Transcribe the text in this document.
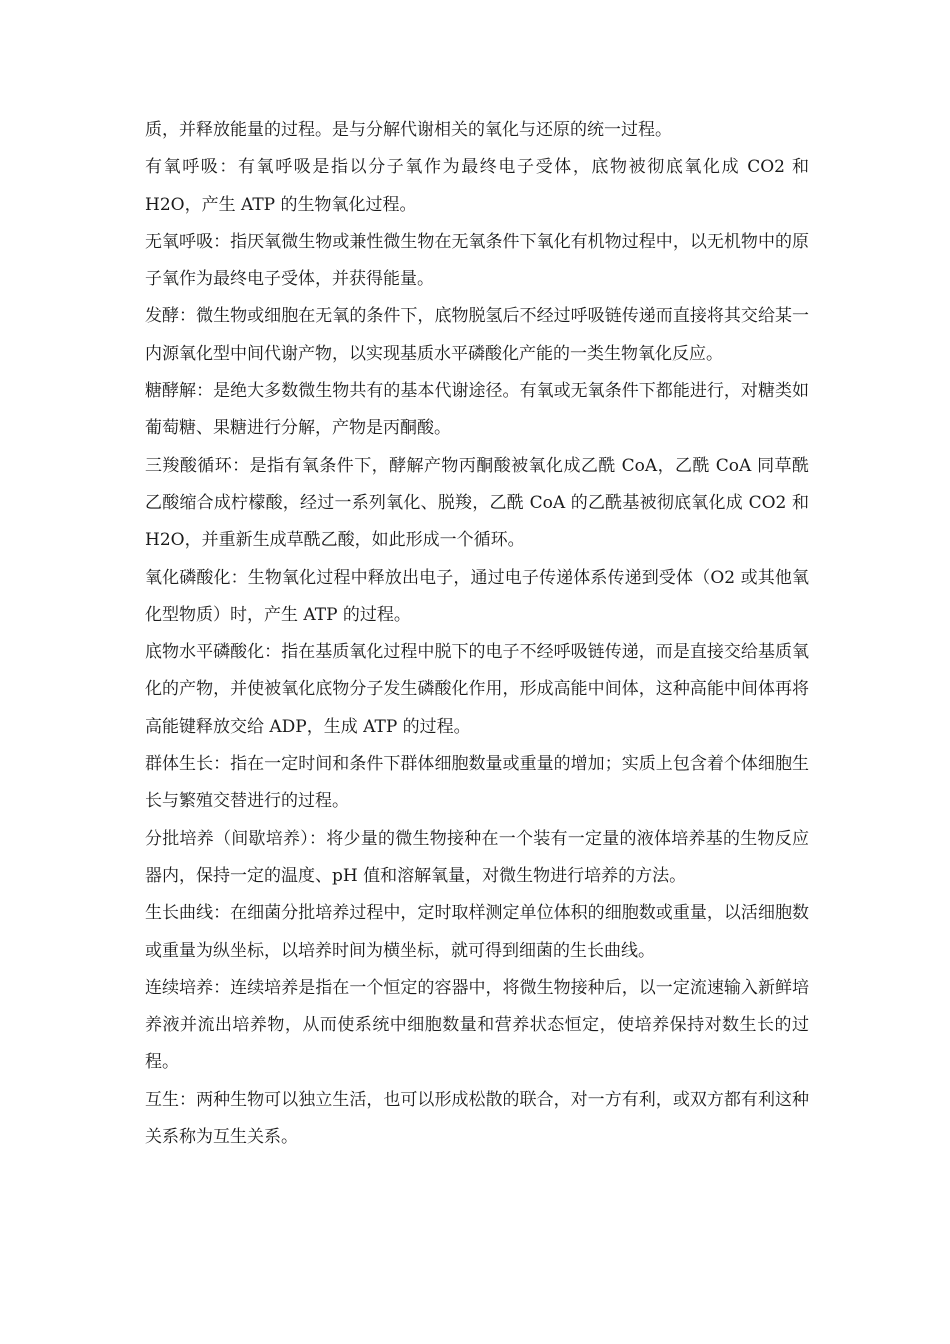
质，并释放能量的过程。是与分解代谢相关的氧化与还原的统一过程。

有氧呼吸：有氧呼吸是指以分子氧作为最终电子受体，底物被彻底氧化成 CO2 和 H2O，产生 ATP 的生物氧化过程。

无氧呼吸：指厌氧微生物或兼性微生物在无氧条件下氧化有机物过程中，以无机物中的原子氧作为最终电子受体，并获得能量。

发酵：微生物或细胞在无氧的条件下，底物脱氢后不经过呼吸链传递而直接将其交给某一内源氧化型中间代谢产物，以实现基质水平磷酸化产能的一类生物氧化反应。

糖酵解：是绝大多数微生物共有的基本代谢途径。有氧或无氧条件下都能进行，对糖类如葡萄糖、果糖进行分解，产物是丙酮酸。

三羧酸循环：是指有氧条件下，酵解产物丙酮酸被氧化成乙酰 CoA，乙酰 CoA 同草酰乙酸缩合成柠檬酸，经过一系列氧化、脱羧，乙酰 CoA 的乙酰基被彻底氧化成 CO2 和 H2O，并重新生成草酰乙酸，如此形成一个循环。

氧化磷酸化：生物氧化过程中释放出电子，通过电子传递体系传递到受体（O2 或其他氧化型物质）时，产生 ATP 的过程。

底物水平磷酸化：指在基质氧化过程中脱下的电子不经呼吸链传递，而是直接交给基质氧化的产物，并使被氧化底物分子发生磷酸化作用，形成高能中间体，这种高能中间体再将高能键释放交给 ADP，生成 ATP 的过程。

群体生长：指在一定时间和条件下群体细胞数量或重量的增加；实质上包含着个体细胞生长与繁殖交替进行的过程。

分批培养（间歇培养）：将少量的微生物接种在一个装有一定量的液体培养基的生物反应器内，保持一定的温度、pH 值和溶解氧量，对微生物进行培养的方法。

生长曲线：在细菌分批培养过程中，定时取样测定单位体积的细胞数或重量，以活细胞数或重量为纵坐标，以培养时间为横坐标，就可得到细菌的生长曲线。

连续培养：连续培养是指在一个恒定的容器中，将微生物接种后，以一定流速输入新鲜培养液并流出培养物，从而使系统中细胞数量和营养状态恒定，使培养保持对数生长的过程。

互生：两种生物可以独立生活，也可以形成松散的联合，对一方有利，或双方都有利这种关系称为互生关系。
